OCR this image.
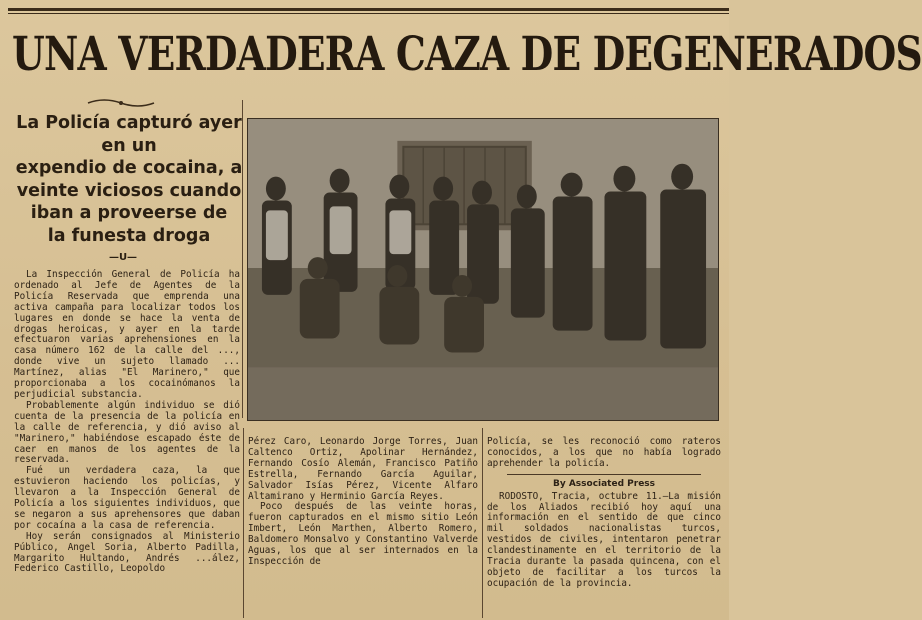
UNA VERDADERA CAZA DE DEGENERADOS
La Policía capturó ayer en un
expendio de cocaina, a
veinte viciosos cuando
iban a proveerse de
la funesta droga
—U—

La Inspección General de Policía ha ordenado al Jefe de Agentes de la Policía Reservada que emprenda una activa campaña para localizar todos los lugares en donde se hace la venta de drogas heroicas, y ayer en la tarde efectuaron varias aprehensiones en la casa número 162 de la calle del ..., donde vive un sujeto llamado ... Martínez, alias "El Marinero," que proporcionaba a los cocainómanos la perjudicial substancia.

Probablemente algún individuo se dió cuenta de la presencia de la policía en la calle de referencia, y dió aviso al "Marinero," habiéndose escapado éste de caer en manos de los agentes de la reservada.

Fué un verdadera caza, la que estuvieron haciendo los policías, y llevaron a la Inspección General de Policía a los siguientes individuos, que se negaron a sus aprehensores que daban por cocaína a la casa de referencia.

Hoy serán consignados al Ministerio Público, Angel Soria, Alberto Padilla, Margarito Hultando, Andrés ...ález, Federico Castillo, Leopoldo

Pérez Caro, Leonardo Jorge Torres, Juan Caltenco Ortiz, Apolinar Hernández, Fernando Cosío Alemán, Francisco Patiño Estrella, Fernando García Aguilar, Salvador Isías Pérez, Vicente Alfaro Altamirano y Herminio García Reyes.

Poco después de las veinte horas, fueron capturados en el mismo sitio León Imbert, León Marthen, Alberto Romero, Baldomero Monsalvo y Constantino Valverde Aguas, los que al ser internados en la Inspección de

Policía, se les reconoció como rateros conocidos, a los que no había logrado aprehender la policía.

By Associated Press

RODOSTO, Tracia, octubre 11.—La misión de los Aliados recibió hoy aquí una información en el sentido de que cinco mil soldados nacionalistas turcos, vestidos de civiles, intentaron penetrar clandestinamente en el territorio de la Tracia durante la pasada quincena, con el objeto de facilitar a los turcos la ocupación de la provincia.
